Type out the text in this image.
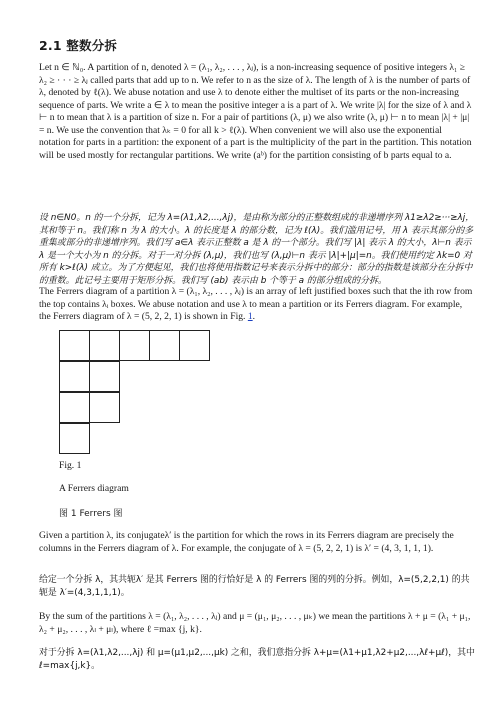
2.1 整数分拆

Let n ∈ ℕ₀. A partition of n, denoted λ = (λ₁, λ₂, . . . , λⱼ), is a non-increasing sequence of positive integers λ₁ ≥ λ₂ ≥ · · · ≥ λⱼ called parts that add up to n. We refer to n as the size of λ. The length of λ is the number of parts of λ, denoted by ℓ(λ). We abuse notation and use λ to denote either the multiset of its parts or the non-increasing sequence of parts. We write a ∈ λ to mean the positive integer a is a part of λ. We write |λ| for the size of λ and λ ⊢ n to mean that λ is a partition of size n. For a pair of partitions (λ, μ) we also write (λ, μ) ⊢ n to mean |λ| + |μ| = n. We use the convention that λₖ = 0 for all k > ℓ(λ). When convenient we will also use the exponential notation for parts in a partition: the exponent of a part is the multiplicity of the part in the partition. This notation will be used mostly for rectangular partitions. We write (aᵇ) for the partition consisting of b parts equal to a.

设 n∈N0。n 的一个分拆，记为 λ=(λ1,λ2,...,λj)，是由称为部分的正整数组成的非递增序列 λ1≥λ2≥···≥λj，其和等于 n。我们称 n 为 λ 的大小。λ 的长度是 λ 的部分数，记为 ℓ(λ)。我们滥用记号，用 λ 表示其部分的多重集或部分的非递增序列。我们写 a∈λ 表示正整数 a 是 λ 的一个部分。我们写 |λ| 表示 λ 的大小，λ⊢n 表示 λ 是一个大小为 n 的分拆。对于一对分拆 (λ,μ)，我们也写 (λ,μ)⊢n 表示 |λ|+|μ|=n。我们使用约定 λk=0 对所有 k>ℓ(λ) 成立。为了方便起见，我们也将使用指数记号来表示分拆中的部分：部分的指数是该部分在分拆中的重数。此记号主要用于矩形分拆。我们写 (ab) 表示由 b 个等于 a 的部分组成的分拆。

The Ferrers diagram of a partition λ = (λ₁, λ₂, . . . , λⱼ) is an array of left justified boxes such that the ith row from the top contains λᵢ boxes. We abuse notation and use λ to mean a partition or its Ferrers diagram. For example, the Ferrers diagram of λ = (5, 2, 2, 1) is shown in Fig. 1.

Fig. 1
A Ferrers diagram
图 1 Ferrers 图

Given a partition λ, its conjugateλ′ is the partition for which the rows in its Ferrers diagram are precisely the columns in the Ferrers diagram of λ. For example, the conjugate of λ = (5, 2, 2, 1) is λ′ = (4, 3, 1, 1, 1).

给定一个分拆 λ，其共轭λ′ 是其 Ferrers 图的行恰好是 λ 的 Ferrers 图的列的分拆。例如，λ=(5,2,2,1) 的共轭是 λ′=(4,3,1,1,1)。

By the sum of the partitions λ = (λ₁, λ₂, . . . , λⱼ) and μ = (μ₁, μ₂, . . . , μₖ) we mean the partitions λ + μ = (λ₁ + μ₁, λ₂ + μ₂, . . . , λₗ + μₗ), where ℓ =max {j, k}.

对于分拆 λ=(λ1,λ2,...,λj) 和 μ=(μ1,μ2,...,μk) 之和，我们意指分拆 λ+μ=(λ1+μ1,λ2+μ2,...,λℓ+μℓ)，其中 ℓ=max{j,k}。
